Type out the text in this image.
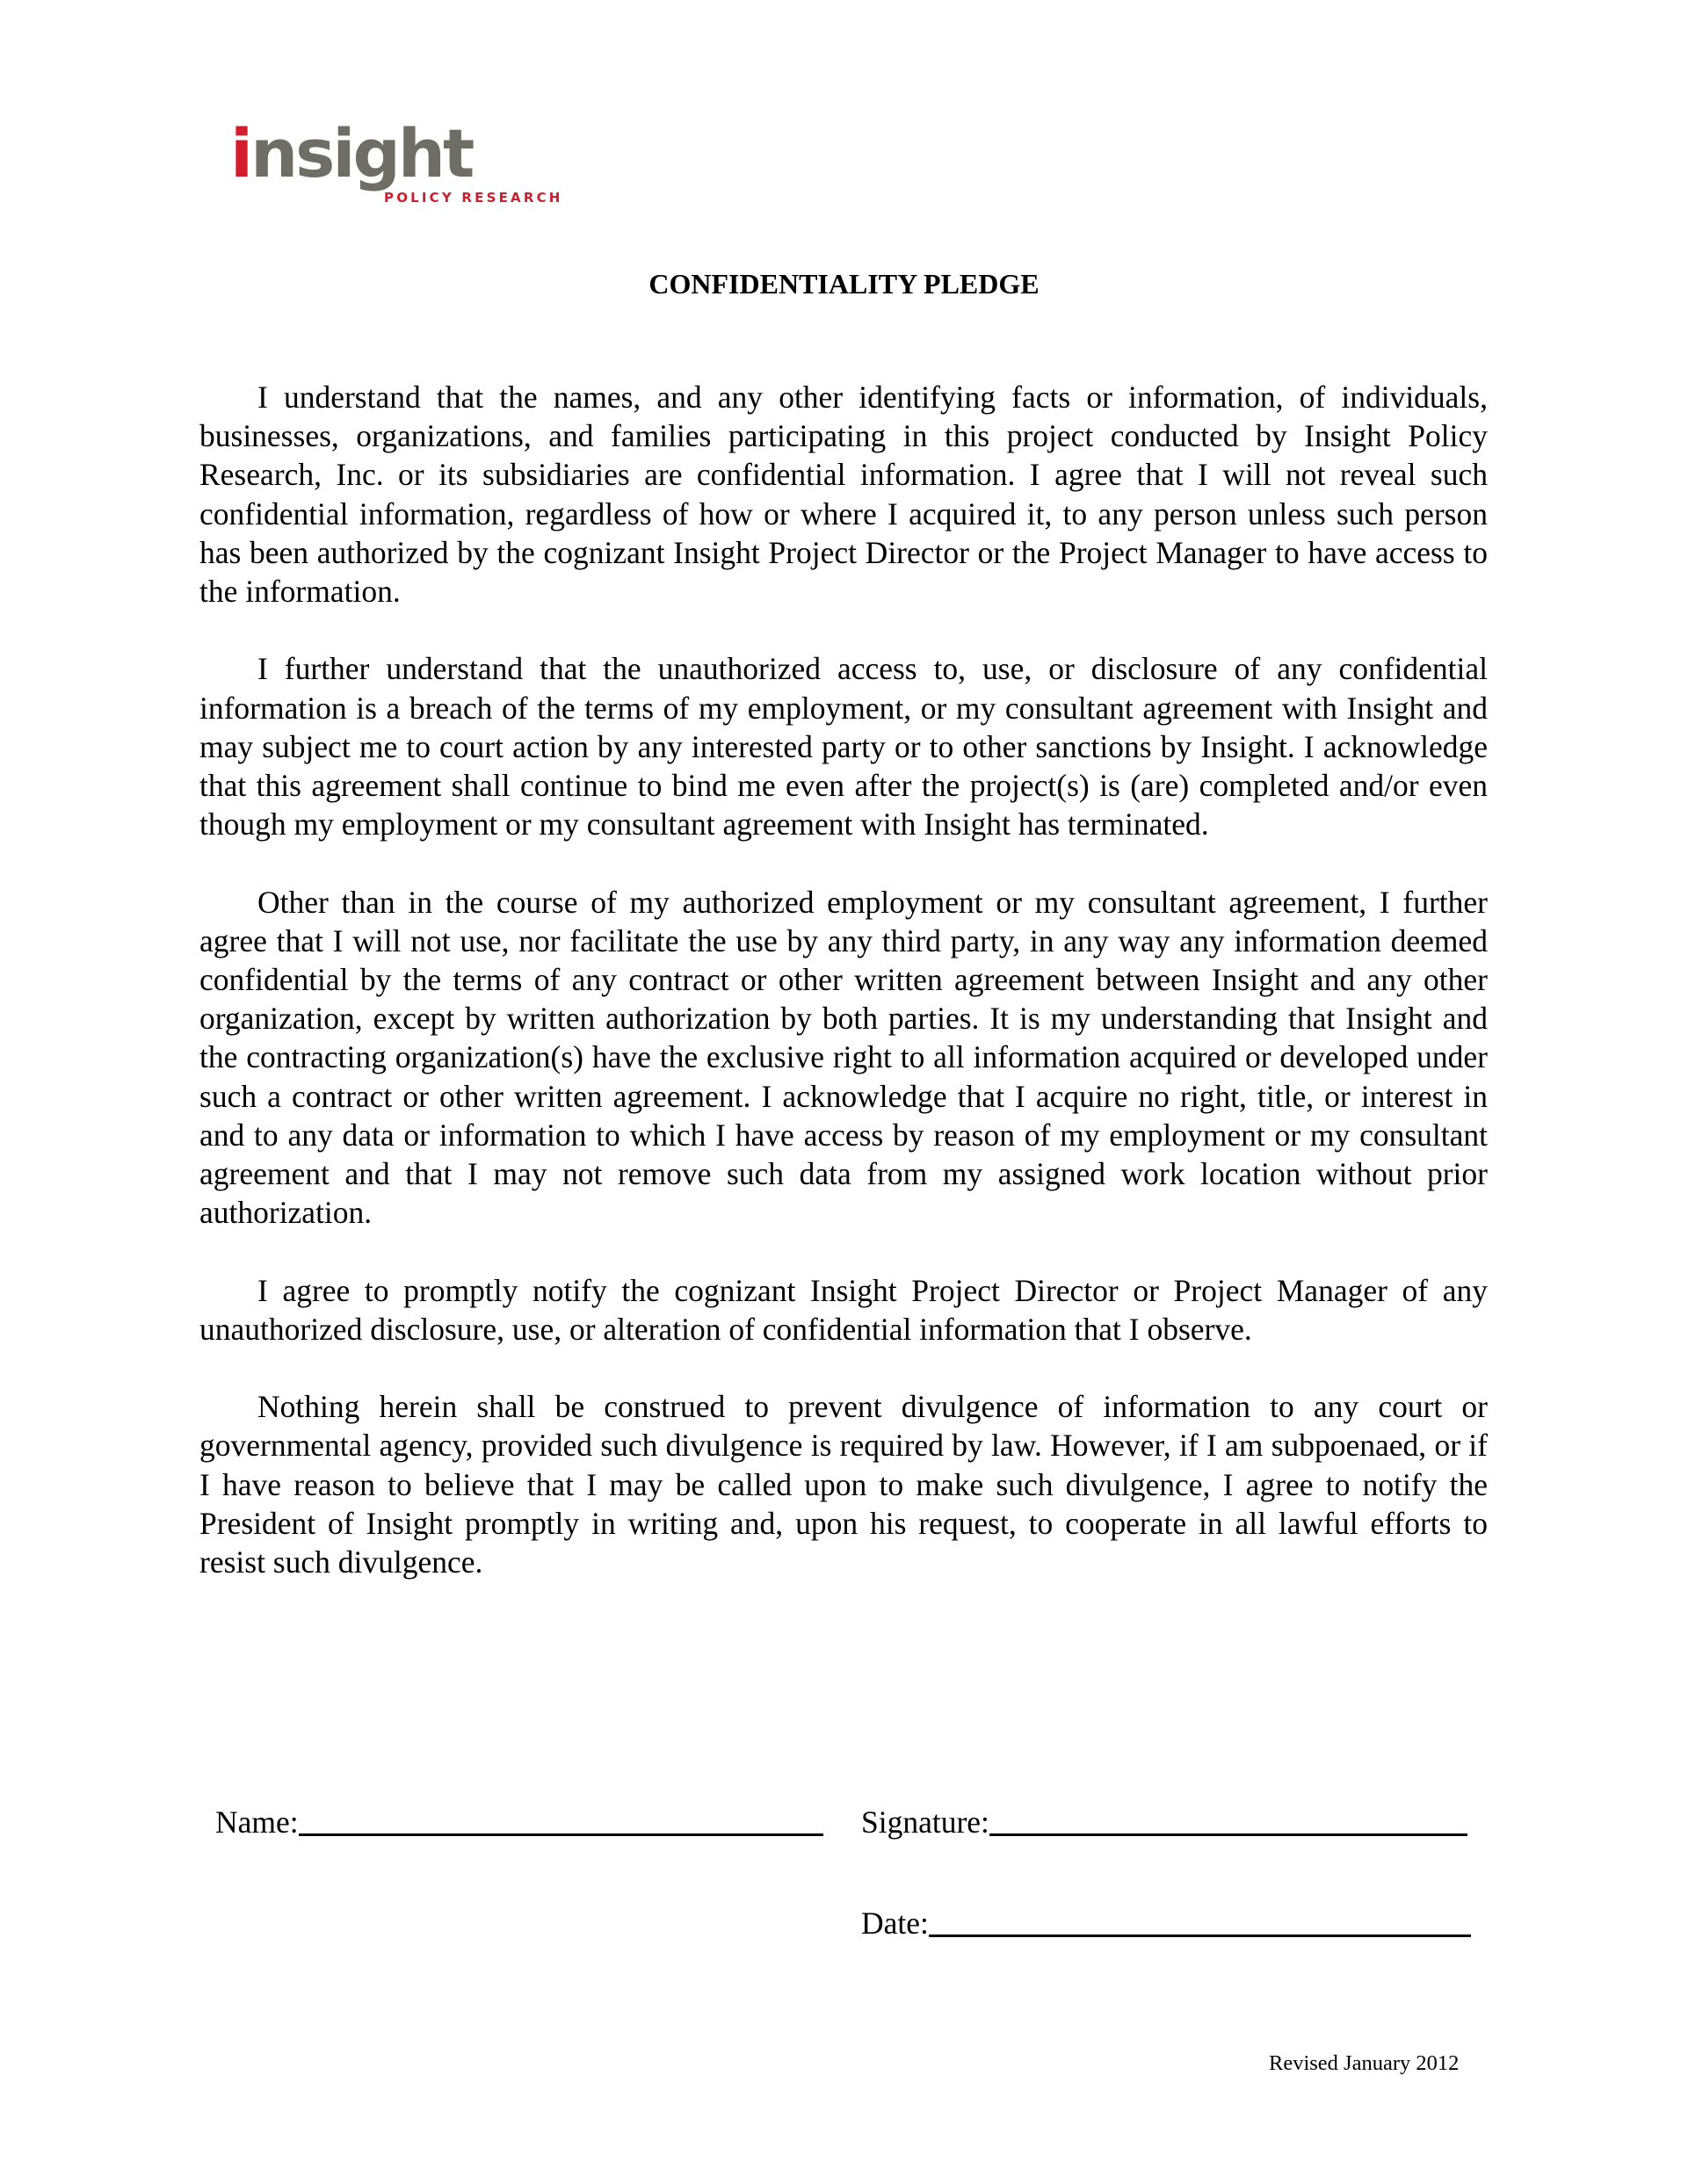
insight
POLICY RESEARCH
CONFIDENTIALITY PLEDGE

I understand that the names, and any other identifying facts or information, of individuals, businesses, organizations, and families participating in this project conducted by Insight Policy Research, Inc. or its subsidiaries are confidential information. I agree that I will not reveal such confidential information, regardless of how or where I acquired it, to any person unless such person has been authorized by the cognizant Insight Project Director or the Project Manager to have access to the information.

I further understand that the unauthorized access to, use, or disclosure of any confidential information is a breach of the terms of my employment, or my consultant agreement with Insight and may subject me to court action by any interested party or to other sanctions by Insight. I acknowledge that this agreement shall continue to bind me even after the project(s) is (are) completed and/or even though my employment or my consultant agreement with Insight has terminated.

Other than in the course of my authorized employment or my consultant agreement, I further agree that I will not use, nor facilitate the use by any third party, in any way any information deemed confidential by the terms of any contract or other written agreement between Insight and any other organization, except by written authorization by both parties. It is my understanding that Insight and the contracting organization(s) have the exclusive right to all information acquired or developed under such a contract or other written agreement. I acknowledge that I acquire no right, title, or interest in and to any data or information to which I have access by reason of my employment or my consultant agreement and that I may not remove such data from my assigned work location without prior authorization.

I agree to promptly notify the cognizant Insight Project Director or Project Manager of any unauthorized disclosure, use, or alteration of confidential information that I observe.

Nothing herein shall be construed to prevent divulgence of information to any court or governmental agency, provided such divulgence is required by law. However, if I am subpoenaed, or if I have reason to believe that I may be called upon to make such divulgence, I agree to notify the President of Insight promptly in writing and, upon his request, to cooperate in all lawful efforts to resist such divulgence.

Name:	Signature:
Date:
Revised January 2012
